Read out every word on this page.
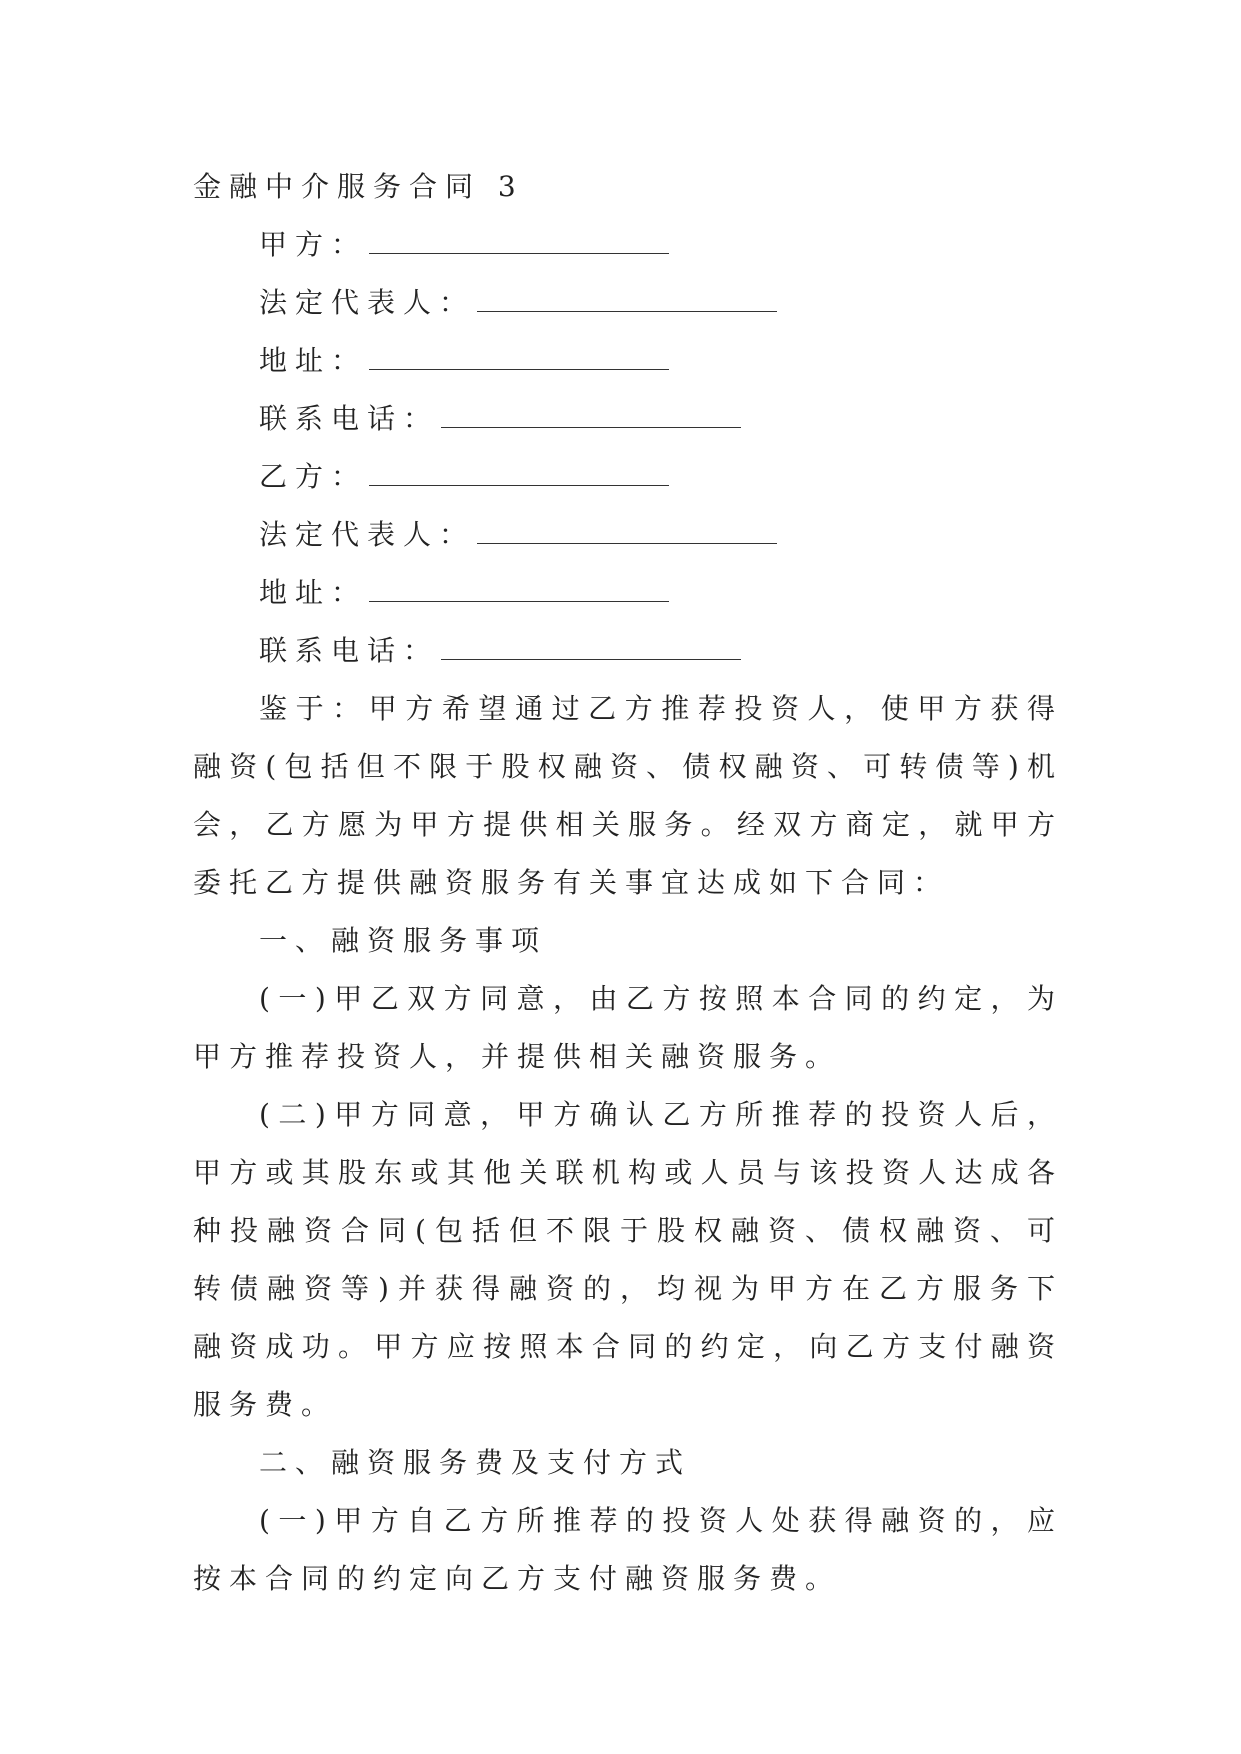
金融中介服务合同 3
甲方：
法定代表人：
地址：
联系电话：
乙方：
法定代表人：
地址：
联系电话：
鉴于：甲方希望通过乙方推荐投资人，使甲方获得融资(包括但不限于股权融资、债权融资、可转债等)机会，乙方愿为甲方提供相关服务。经双方商定，就甲方委托乙方提供融资服务有关事宜达成如下合同：
一、融资服务事项
(一)甲乙双方同意，由乙方按照本合同的约定，为甲方推荐投资人，并提供相关融资服务。
(二)甲方同意，甲方确认乙方所推荐的投资人后，甲方或其股东或其他关联机构或人员与该投资人达成各种投融资合同(包括但不限于股权融资、债权融资、可转债融资等)并获得融资的，均视为甲方在乙方服务下融资成功。甲方应按照本合同的约定，向乙方支付融资服务费。
二、融资服务费及支付方式
(一)甲方自乙方所推荐的投资人处获得融资的，应按本合同的约定向乙方支付融资服务费。
